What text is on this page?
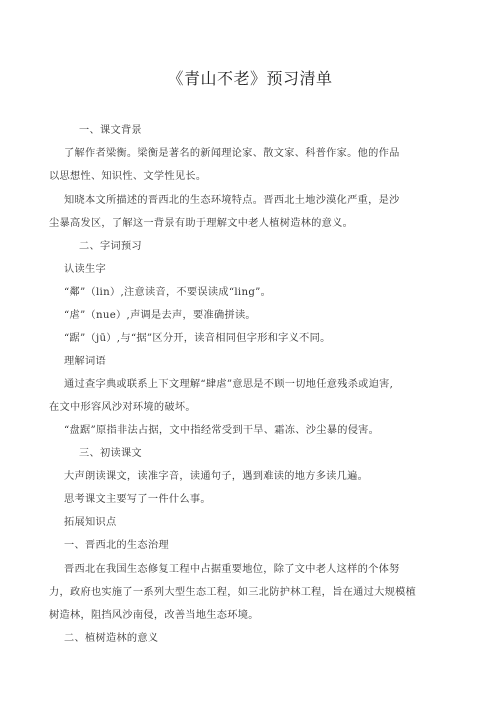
《青山不老》预习清单
一、课文背景
了解作者梁衡。梁衡是著名的新闻理论家、散文家、科普作家。他的作品
以思想性、知识性、文学性见长。
知晓本文所描述的晋西北的生态环境特点。晋西北土地沙漠化严重，是沙
尘暴高发区，了解这一背景有助于理解文中老人植树造林的意义。
二、字词预习
认读生字
“鄰”（lin）,注意读音，不要误读成“ling”。
“虐”（nue）,声调是去声，要准确拼读。
“踞”（jū）,与“据”区分开，读音相同但字形和字义不同。
理解词语
通过查字典或联系上下文理解“肆虐”意思是不顾一切地任意残杀或迫害,
在文中形容风沙对环境的破坏。
“盘踞”原指非法占据，文中指经常受到干旱、霜冻、沙尘暴的侵害。
三、初读课文
大声朗读课文，读准字音，读通句子，遇到难读的地方多读几遍。
思考课文主要写了一件什么事。
拓展知识点
一、晋西北的生态治理
晋西北在我国生态修复工程中占据重要地位，除了文中老人这样的个体努
力，政府也实施了一系列大型生态工程，如三北防护林工程，旨在通过大规模植
树造林，阻挡风沙南侵，改善当地生态环境。
二、植树造林的意义
